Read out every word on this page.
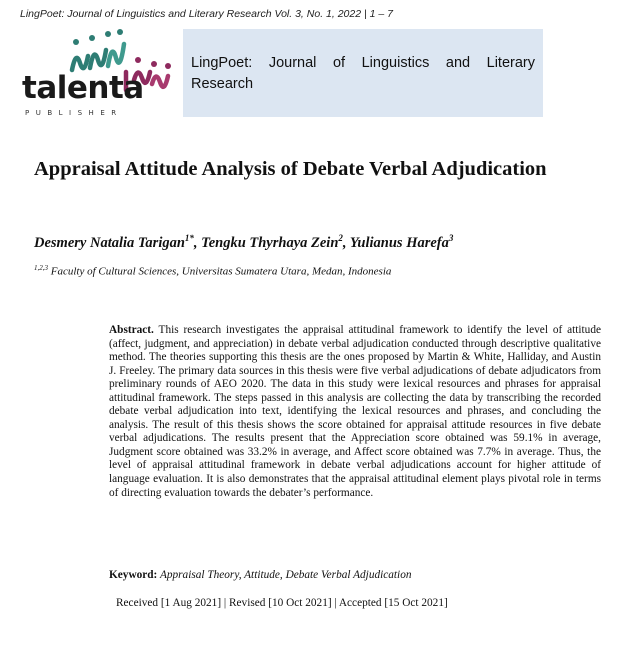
LingPoet: Journal of Linguistics and Literary Research Vol. 3, No. 1, 2022 | 1 – 7
talenta
PUBLISHER
LingPoet: Journal of Linguistics and Literary Research
Appraisal Attitude Analysis of Debate Verbal Adjudication
Desmery Natalia Tarigan$^{1*}$, Tengku Thyrhaya Zein$^2$, Yulianus Harefa$^3$
$^{1,2,3}$ Faculty of Cultural Sciences, Universitas Sumatera Utara, Medan, Indonesia
Abstract. This research investigates the appraisal attitudinal framework to identify the level of attitude (affect, judgment, and appreciation) in debate verbal adjudication conducted through descriptive qualitative method. The theories supporting this thesis are the ones proposed by Martin & White, Halliday, and Austin J. Freeley. The primary data sources in this thesis were five verbal adjudications of debate adjudicators from preliminary rounds of AEO 2020. The data in this study were lexical resources and phrases for appraisal attitudinal framework. The steps passed in this analysis are collecting the data by transcribing the recorded debate verbal adjudication into text, identifying the lexical resources and phrases, and concluding the analysis. The result of this thesis shows the score obtained for appraisal attitude resources in five debate verbal adjudications. The results present that the Appreciation score obtained was 59.1% in average, Judgment score obtained was 33.2% in average, and Affect score obtained was 7.7% in average. Thus, the level of appraisal attitudinal framework in debate verbal adjudications account for higher attitude of language evaluation. It is also demonstrates that the appraisal attitudinal element plays pivotal role in terms of directing evaluation towards the debater’s performance.
Keyword: Appraisal Theory, Attitude, Debate Verbal Adjudication
Received [1 Aug 2021] | Revised [10 Oct 2021] | Accepted [15 Oct 2021]
